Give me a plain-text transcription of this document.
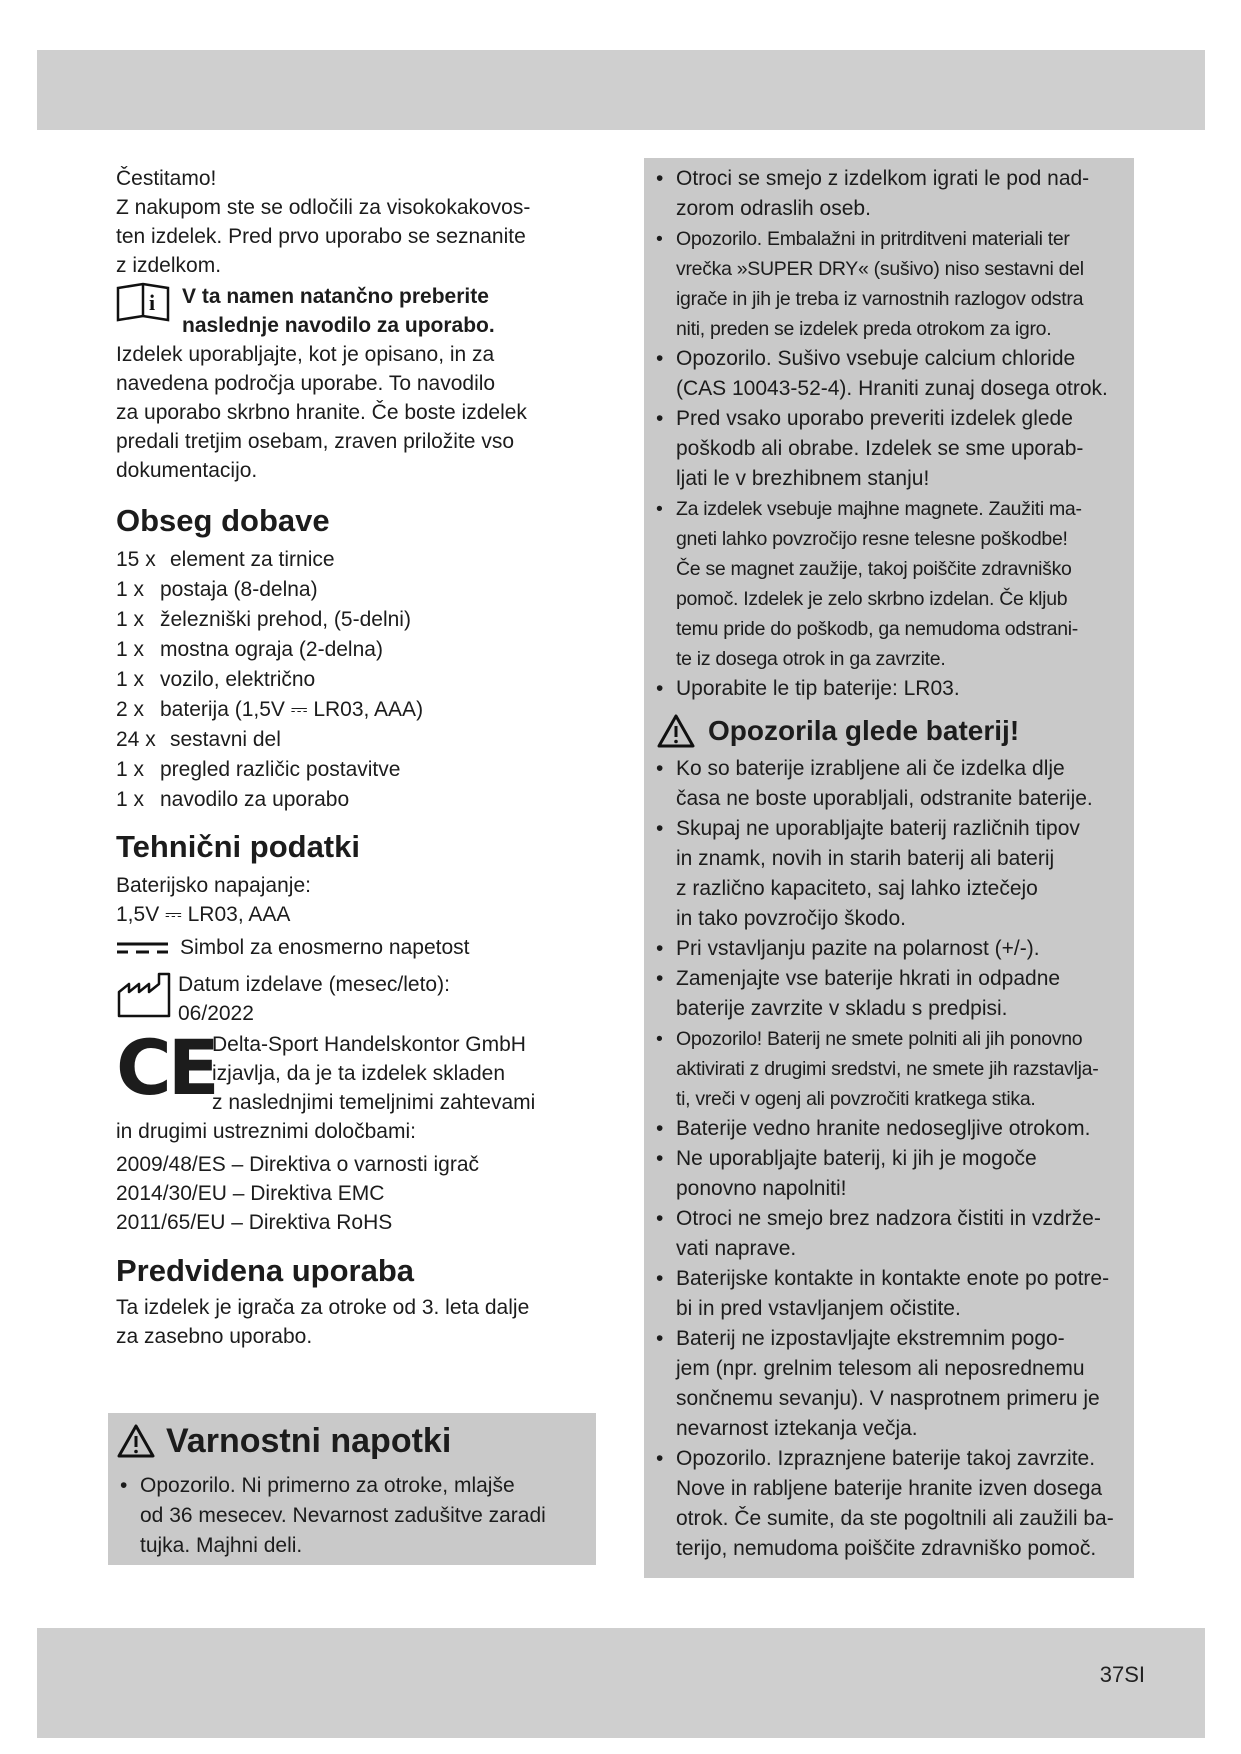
Čestitamo!

Z nakupom ste se odločili za visokokakovos-

ten izdelek. Pred prvo uporabo se seznanite

z izdelkom.

i V ta namen natančno preberite

naslednje navodilo za uporabo.

Izdelek uporabljajte, kot je opisano, in za

navedena področja uporabe. To navodilo

za uporabo skrbno hranite. Če boste izdelek

predali tretjim osebam, zraven priložite vso

dokumentacijo.

Obseg dobave
15 x element za tirnice
1 x postaja (8-delna)
1 x železniški prehod, (5-delni)
1 x mostna ograja (2-delna)
1 x vozilo, električno
2 x baterija (1,5V ⎓ LR03, AAA)
24 x sestavni del
1 x pregled različic postavitve
1 x navodilo za uporabo
Tehnični podatki

Baterijsko napajanje:

1,5V ⎓ LR03, AAA

Simbol za enosmerno napetost

Datum izdelave (mesec/leto):

06/2022

CE

Delta-Sport Handelskontor GmbH

izjavlja, da je ta izdelek skladen

z naslednjimi temeljnimi zahtevami

in drugimi ustreznimi določbami:

2009/48/ES – Direktiva o varnosti igrač

2014/30/EU – Direktiva EMC

2011/65/EU – Direktiva RoHS

Predvidena uporaba

Ta izdelek je igrača za otroke od 3. leta dalje

za zasebno uporabo.

Varnostni napotki
• Opozorilo. Ni primerno za otroke, mlajše
od 36 mesecev. Nevarnost zadušitve zaradi
tujka. Majhni deli.
• Otroci se smejo z izdelkom igrati le pod nad-
zorom odraslih oseb.
• Opozorilo. Embalažni in pritrditveni materiali ter
vrečka »SUPER DRY« (sušivo) niso sestavni del
igrače in jih je treba iz varnostnih razlogov odstra
niti, preden se izdelek preda otrokom za igro.
• Opozorilo. Sušivo vsebuje calcium chloride
(CAS 10043-52-4). Hraniti zunaj dosega otrok.
• Pred vsako uporabo preveriti izdelek glede
poškodb ali obrabe. Izdelek se sme uporab-
ljati le v brezhibnem stanju!
• Za izdelek vsebuje majhne magnete. Zaužiti ma-
gneti lahko povzročijo resne telesne poškodbe!
Če se magnet zaužije, takoj poiščite zdravniško
pomoč. Izdelek je zelo skrbno izdelan. Če kljub
temu pride do poškodb, ga nemudoma odstrani-
te iz dosega otrok in ga zavrzite.
• Uporabite le tip baterije: LR03.
Opozorila glede baterij!
• Ko so baterije izrabljene ali če izdelka dlje
časa ne boste uporabljali, odstranite baterije.
• Skupaj ne uporabljajte baterij različnih tipov
in znamk, novih in starih baterij ali baterij
z različno kapaciteto, saj lahko iztečejo
in tako povzročijo škodo.
• Pri vstavljanju pazite na polarnost (+/-).
• Zamenjajte vse baterije hkrati in odpadne
baterije zavrzite v skladu s predpisi.
• Opozorilo! Baterij ne smete polniti ali jih ponovno
aktivirati z drugimi sredstvi, ne smete jih razstavlja-
ti, vreči v ogenj ali povzročiti kratkega stika.
• Baterije vedno hranite nedosegljive otrokom.
• Ne uporabljajte baterij, ki jih je mogoče
ponovno napolniti!
• Otroci ne smejo brez nadzora čistiti in vzdrže-
vati naprave.
• Baterijske kontakte in kontakte enote po potre-
bi in pred vstavljanjem očistite.
• Baterij ne izpostavljajte ekstremnim pogo-
jem (npr. grelnim telesom ali neposrednemu
sončnemu sevanju). V nasprotnem primeru je
nevarnost iztekanja večja.
• Opozorilo. Izpraznjene baterije takoj zavrzite.
Nove in rabljene baterije hranite izven dosega
otrok. Če sumite, da ste pogoltnili ali zaužili ba-
terijo, nemudoma poiščite zdravniško pomoč.
37SI
